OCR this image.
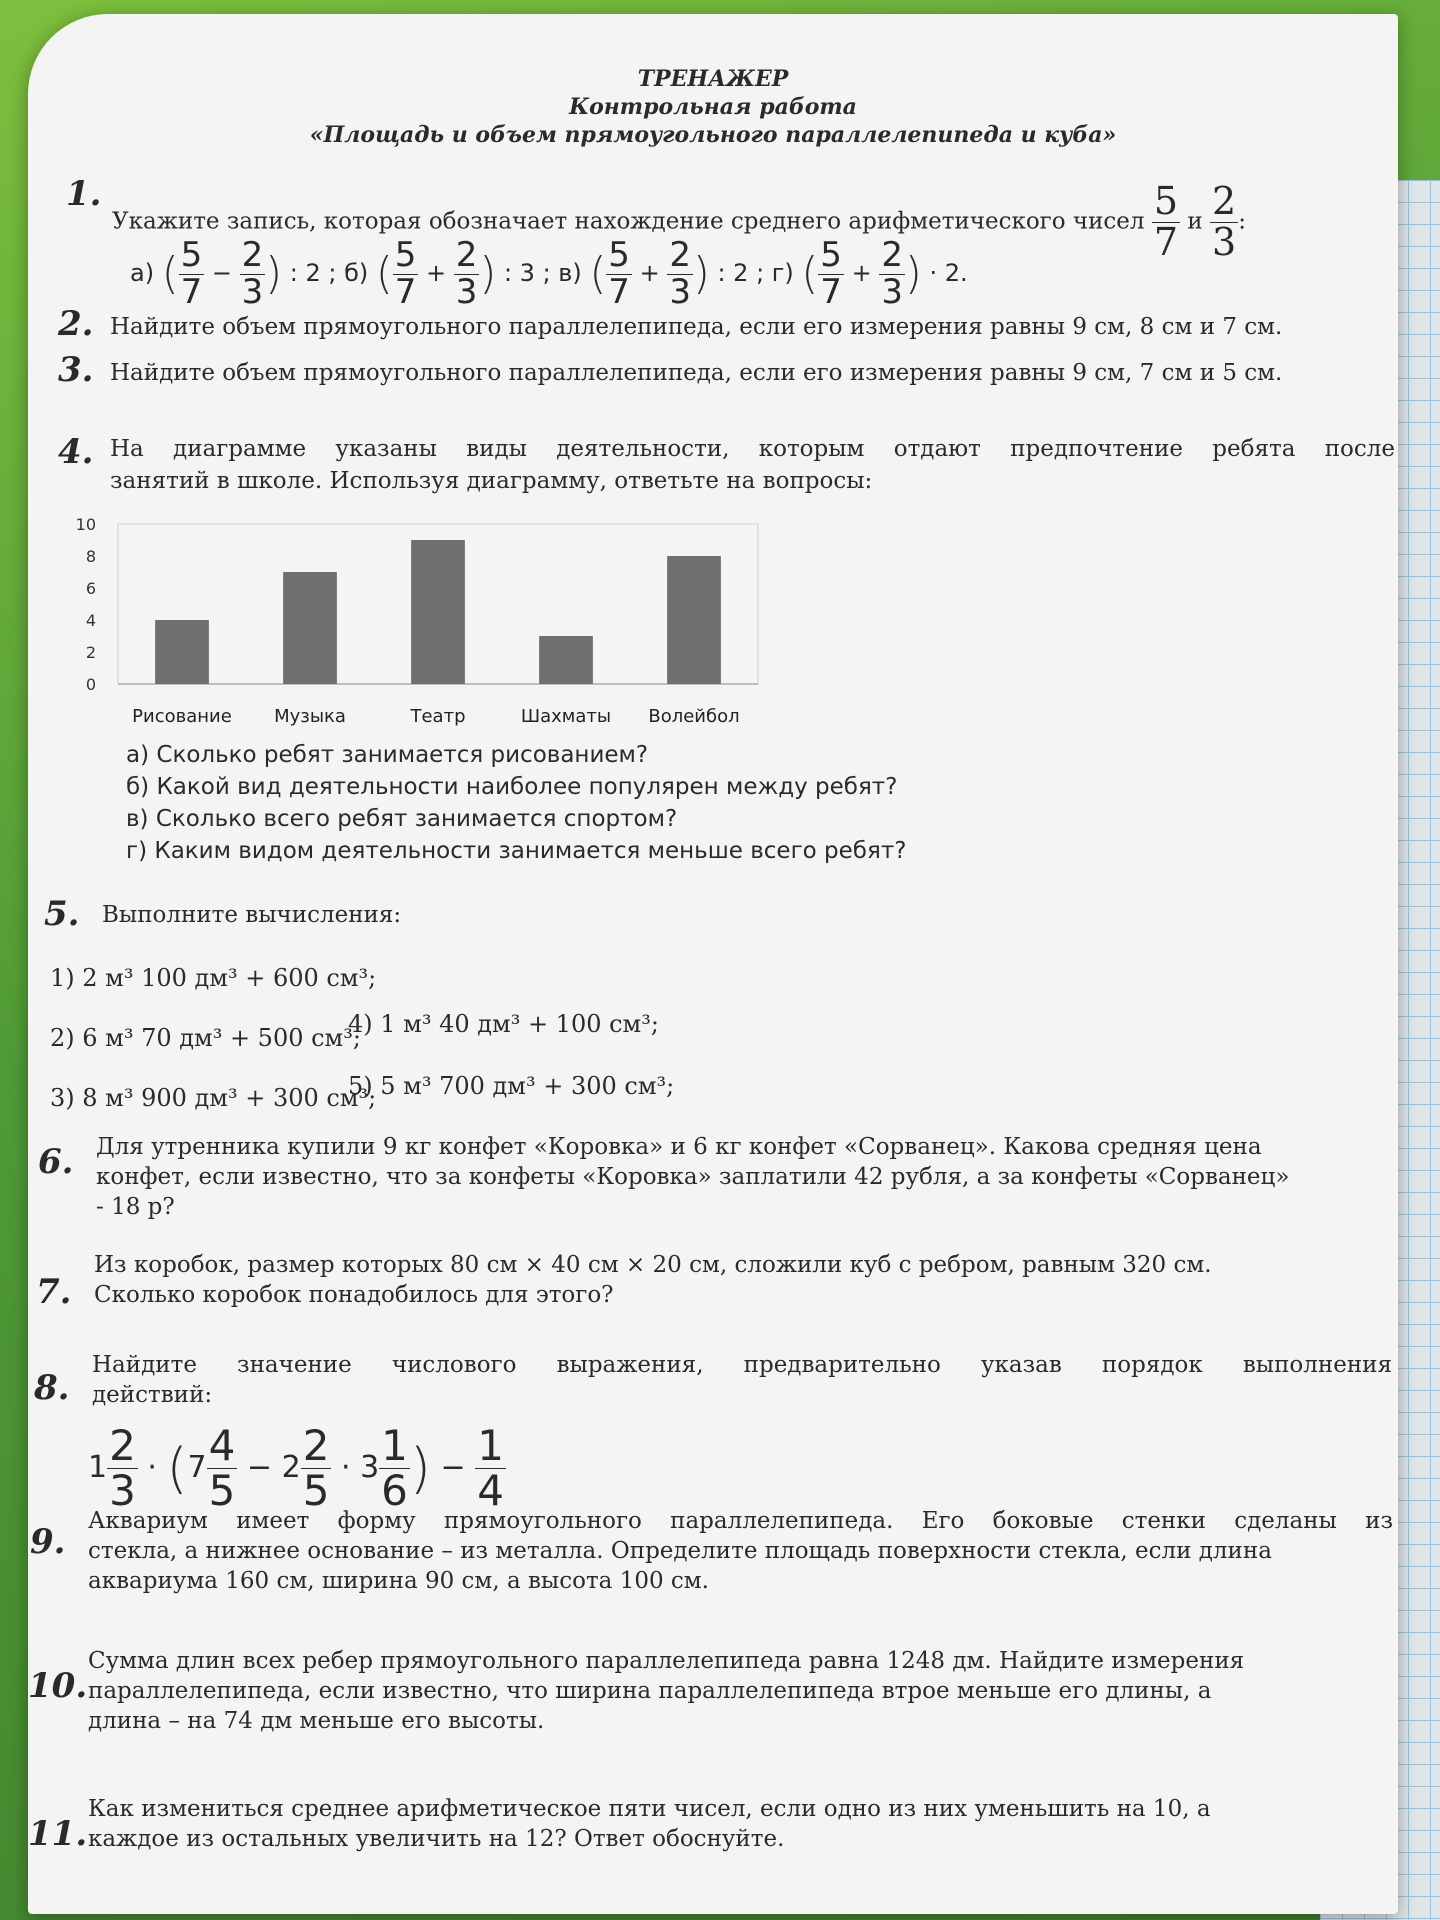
ТРЕНАЖЕР
Контрольная работа
«Площадь и объем прямоугольного параллелепипеда и куба»
1.
Укажите запись, которая обозначает нахождение среднего арифметического чисел $\frac{5}{7}$ и $\frac{2}{3}$ :
а) ( $\frac{5}{7} - \frac{2}{3}$ ) : 2 ; б) ( $\frac{5}{7} + \frac{2}{3}$ ) : 3 ; в) ( $\frac{5}{7} + \frac{2}{3}$ ) : 2 ; г) ( $\frac{5}{7} + \frac{2}{3}$ ) · 2.
2. Найдите объем прямоугольного параллелепипеда, если его измерения равны 9 см, 8 см и 7 см.
3. Найдите объем прямоугольного параллелепипеда, если его измерения равны 9 см, 7 см и 5 см.
4. На диаграмме указаны виды деятельности, которым отдают предпочтение ребята после
занятий в школе. Используя диаграмму, ответьте на вопросы:
0
2
4
6
8
10
Рисование Музыка	Театр	Шахматы Волейбол
а) Сколько ребят занимается рисованием?
б) Какой вид деятельности наиболее популярен между ребят?
в) Сколько всего ребят занимается спортом?
г) Каким видом деятельности занимается меньше всего ребят?
5. Выполните вычисления:
1) 2 м³ 100 дм³ + 600 см³;
2) 6 м³ 70 дм³ + 500 см³;
3) 8 м³ 900 дм³ + 300 см³;
4) 1 м³ 40 дм³ + 100 см³;
5) 5 м³ 700 дм³ + 300 см³;
6. Для утренника купили 9 кг конфет «Коровка» и 6 кг конфет «Сорванец». Какова средняя цена
конфет, если известно, что за конфеты «Коровка» заплатили 42 рубля, а за конфеты «Сорванец»
- 18 р?
7.
Из коробок, размер которых 80 см × 40 см × 20 см, сложили куб с ребром, равным 320 см.
Сколько коробок понадобилось для этого?
8.
Найдите значение числового выражения, предварительно указав порядок выполнения
действий:
$1 \frac{2}{3} \cdot (7 \frac{4}{5} - 2 \frac{2}{5} \cdot 3 \frac{1}{6}$ ) − $\frac{1}{4}$
9.
Аквариум имеет форму прямоугольного параллелепипеда. Его боковые стенки сделаны из
стекла, а нижнее основание – из металла. Определите площадь поверхности стекла, если длина
аквариума 160 см, ширина 90 см, а высота 100 см.
10.
Сумма длин всех ребер прямоугольного параллелепипеда равна 1248 дм. Найдите измерения
параллелепипеда, если известно, что ширина параллелепипеда втрое меньше его длины, а
длина – на 74 дм меньше его высоты.
11.
Как измениться среднее арифметическое пяти чисел, если одно из них уменьшить на 10, а
каждое из остальных увеличить на 12? Ответ обоснуйте.
